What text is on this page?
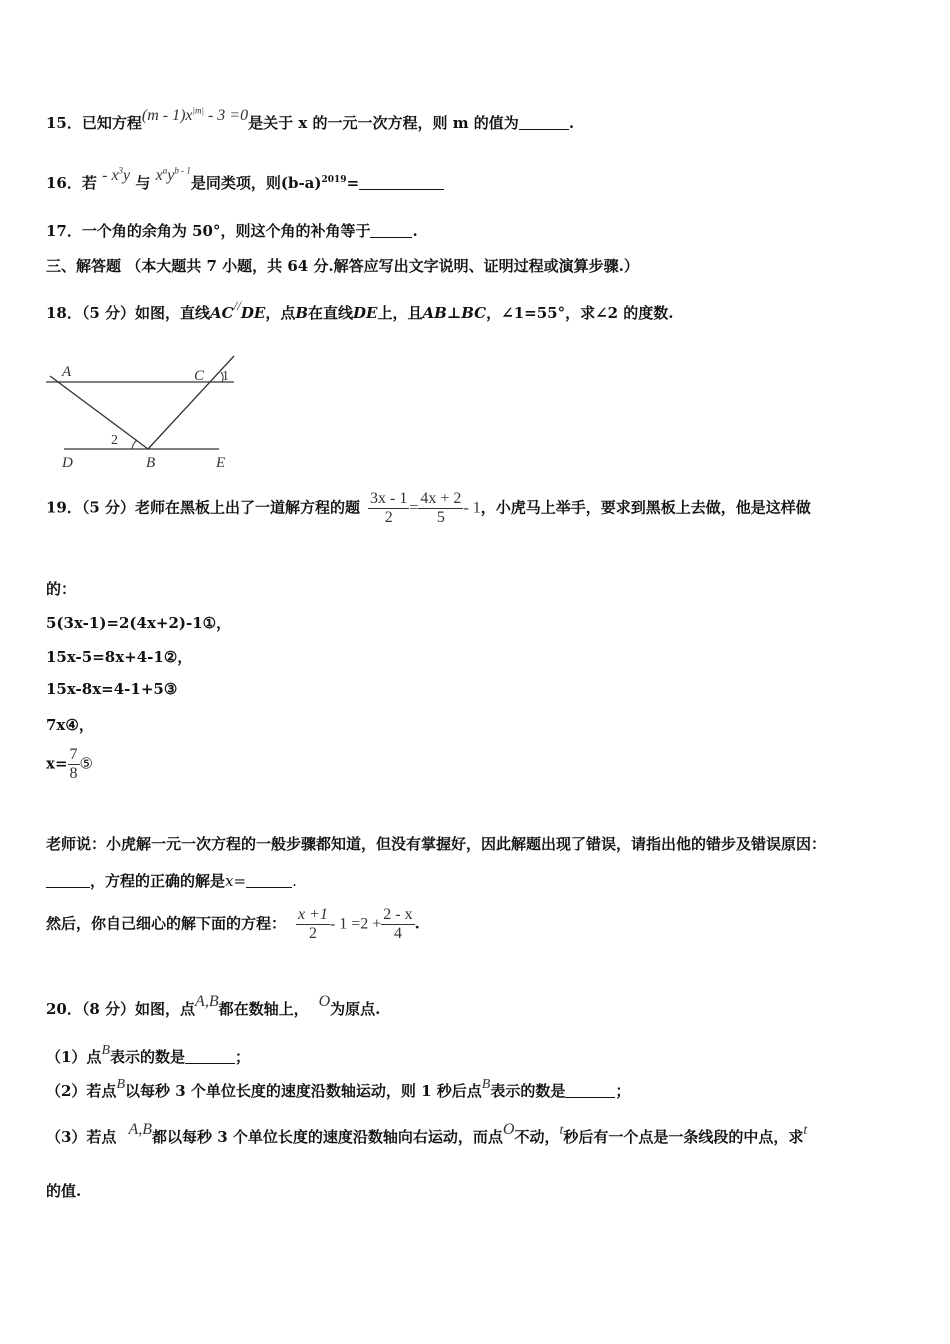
15．已知方程$(m - 1)x^{|m|} - 3 =0$是关于 x 的一元一次方程，则 m 的值为	.
16．若 - $x^3y$ 与 $x^ay^{b - 1}$是同类项，则$(b-a)^{2019}=$
17．一个角的余角为 50°，则这个角的补角等于	.
三、解答题 （本大题共 7 小题，共 64 分.解答应写出文字说明、证明过程或演算步骤.）
18．（5 分）如图，直线AC//DE，点B在直线DE上，且AB⊥BC，∠1=55°，求∠2 的度数.
A	C 1
2
D	B	E
19．（5 分）老师在黑板上出了一道解方程的题 $\frac{3x - 1}{2} = \frac{4x + 2}{5} - 1$，小虎马上举手，要求到黑板上去做，他是这样做
的：
5(3x-1)=2(4x+2)-1①，
15x-5=8x+4-1②，
15x-8x=4-1+5③
7x④，
$x= \frac{7}{8}$ ⑤
老师说：小虎解一元一次方程的一般步骤都知道，但没有掌握好，因此解题出现了错误，请指出他的错步及错误原因：
，方程的正确的解是x=	.
然后，你自己细心的解下面的方程： $\frac{x +1}{2} - 1 =2 + \frac{2 - x}{4}$ .
20．（8 分）如图，点A,B都在数轴上， O为原点.
（1）点B表示的数是	；
（2）若点B以每秒 3 个单位长度的速度沿数轴运动，则 1 秒后点B表示的数是	；
（3）若点 A,B都以每秒 3 个单位长度的速度沿数轴向右运动，而点O不动，t秒后有一个点是一条线段的中点，求t
的值.
